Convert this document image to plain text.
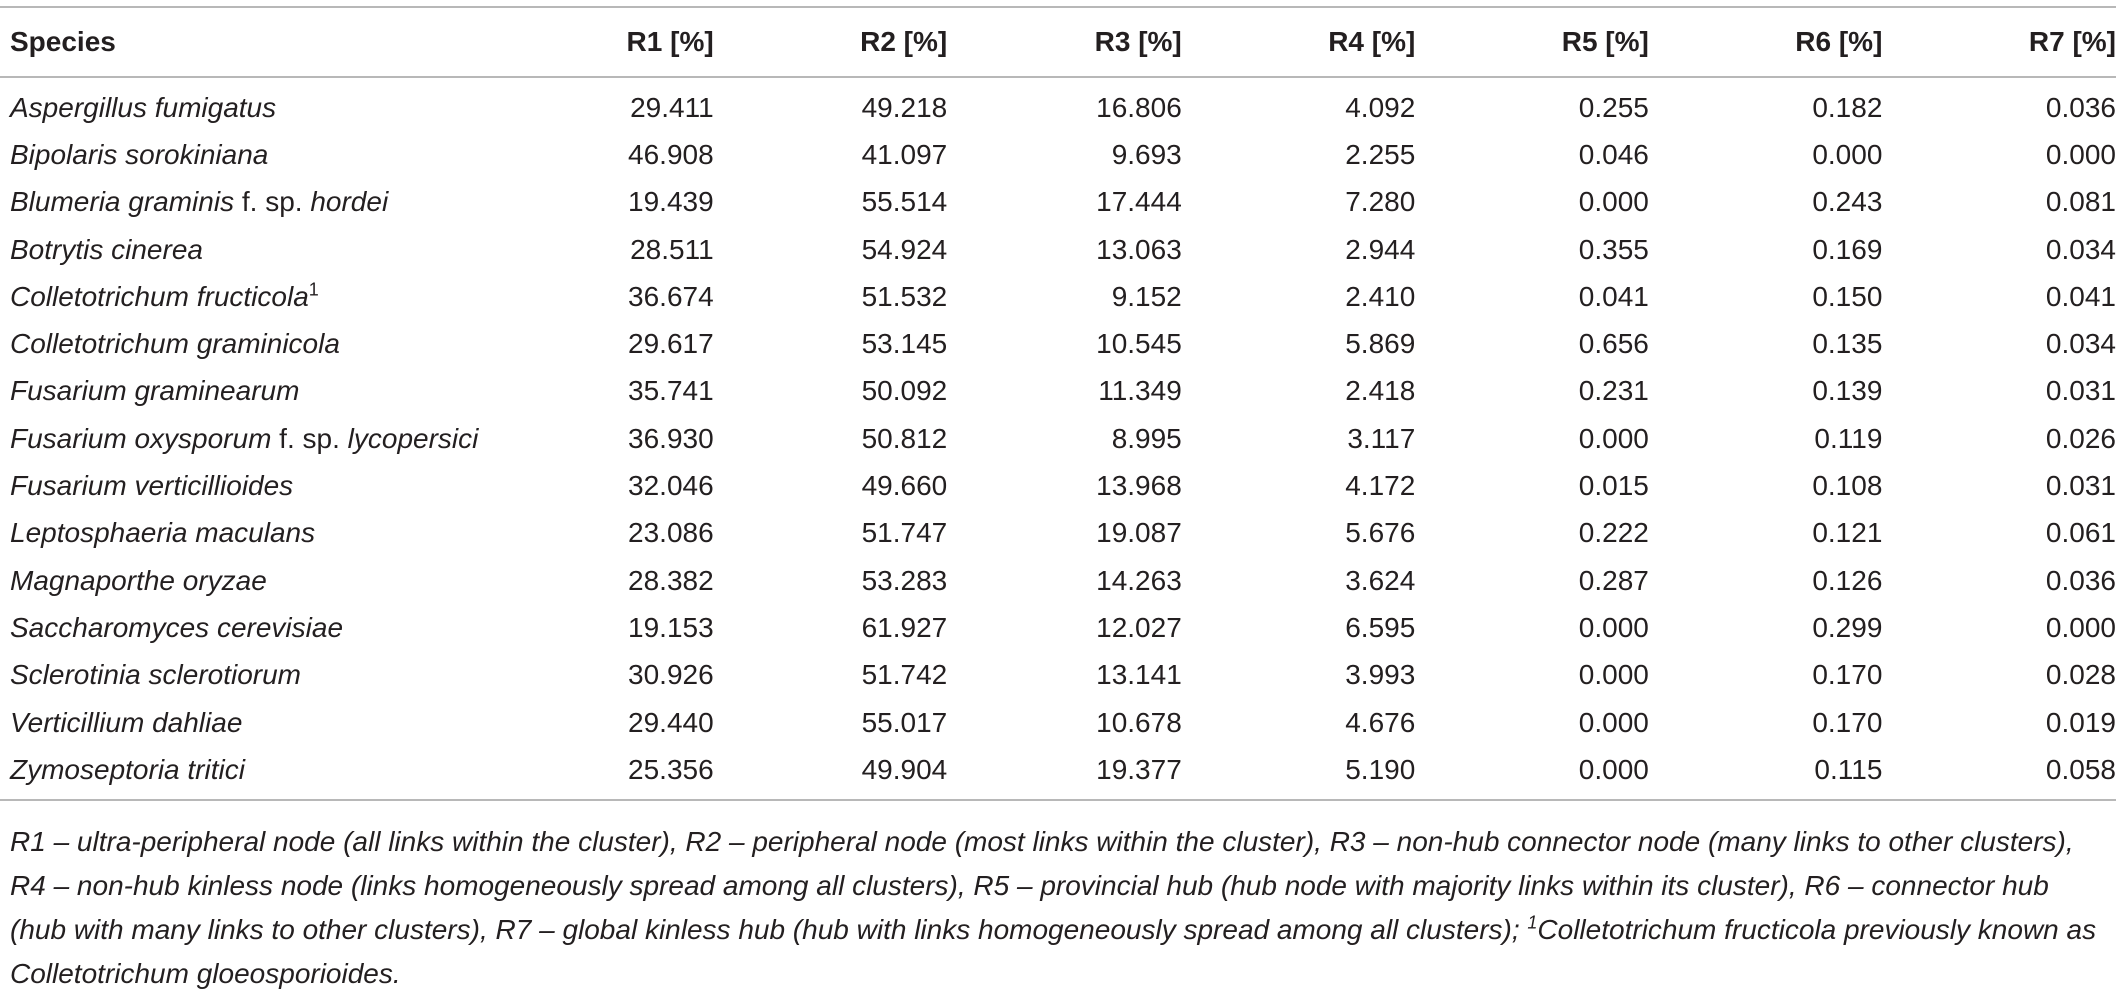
Species	R1 [%]	R2 [%]	R3 [%]	R4 [%]	R5 [%]	R6 [%]	R7 [%]
Aspergillus fumigatus	29.411	49.218	16.806	4.092	0.255	0.182	0.036
Bipolaris sorokiniana	46.908	41.097	9.693	2.255	0.046	0.000	0.000
Blumeria graminis f. sp. hordei	19.439	55.514	17.444	7.280	0.000	0.243	0.081
Botrytis cinerea	28.511	54.924	13.063	2.944	0.355	0.169	0.034
Colletotrichum fructicola$^1$	36.674	51.532	9.152	2.410	0.041	0.150	0.041
Colletotrichum graminicola	29.617	53.145	10.545	5.869	0.656	0.135	0.034
Fusarium graminearum	35.741	50.092	11.349	2.418	0.231	0.139	0.031
Fusarium oxysporum f. sp. lycopersici	36.930	50.812	8.995	3.117	0.000	0.119	0.026
Fusarium verticillioides	32.046	49.660	13.968	4.172	0.015	0.108	0.031
Leptosphaeria maculans	23.086	51.747	19.087	5.676	0.222	0.121	0.061
Magnaporthe oryzae	28.382	53.283	14.263	3.624	0.287	0.126	0.036
Saccharomyces cerevisiae	19.153	61.927	12.027	6.595	0.000	0.299	0.000
Sclerotinia sclerotiorum	30.926	51.742	13.141	3.993	0.000	0.170	0.028
Verticillium dahliae	29.440	55.017	10.678	4.676	0.000	0.170	0.019
Zymoseptoria tritici	25.356	49.904	19.377	5.190	0.000	0.115	0.058
R1 – ultra-peripheral node (all links within the cluster), R2 – peripheral node (most links within the cluster), R3 – non-hub connector node (many links to other clusters), R4 – non-hub kinless node (links homogeneously spread among all clusters), R5 – provincial hub (hub node with majority links within its cluster), R6 – connector hub (hub with many links to other clusters), R7 – global kinless hub (hub with links homogeneously spread among all clusters); $^1$Colletotrichum fructicola previously known as Colletotrichum gloeosporioides.
